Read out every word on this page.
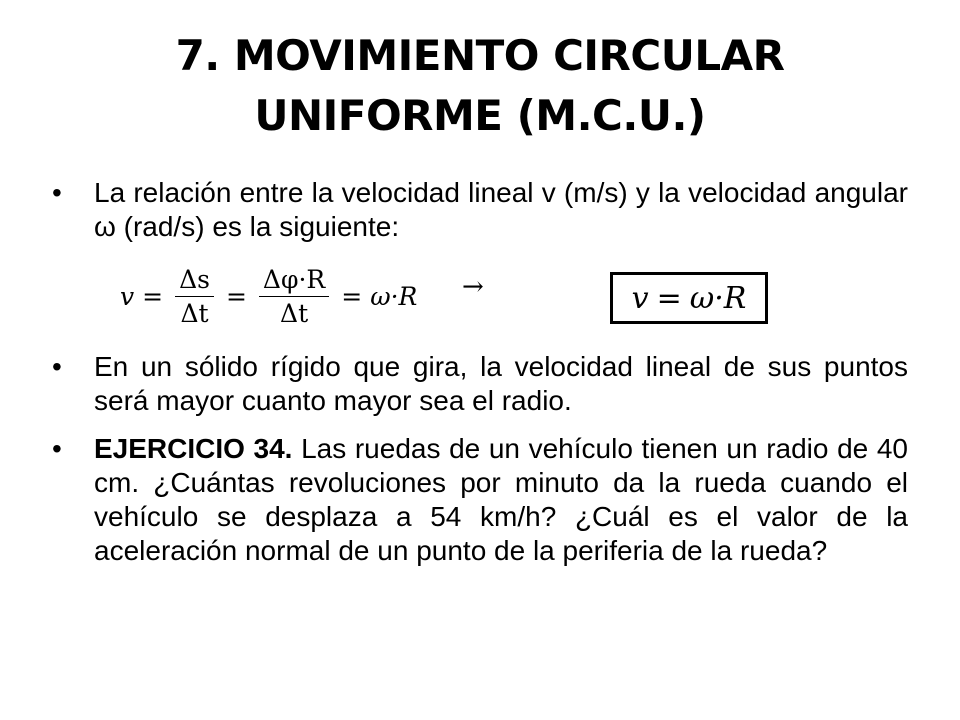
7. MOVIMIENTO CIRCULAR
UNIFORME (M.C.U.)
•	La relación entre la velocidad lineal v (m/s) y la velocidad angular ω (rad/s) es la siguiente:
$v = \frac{\Delta s}{\Delta t} = \frac{\Delta\varphi\cdot R}{\Delta t} = \omega\cdot R$ →	v = ω·R
•	En un sólido rígido que gira, la velocidad lineal de sus puntos será mayor cuanto mayor sea el radio.
•	EJERCICIO 34. Las ruedas de un vehículo tienen un radio de 40 cm. ¿Cuántas revoluciones por minuto da la rueda cuando el vehículo se desplaza a 54 km/h? ¿Cuál es el valor de la aceleración normal de un punto de la periferia de la rueda?
